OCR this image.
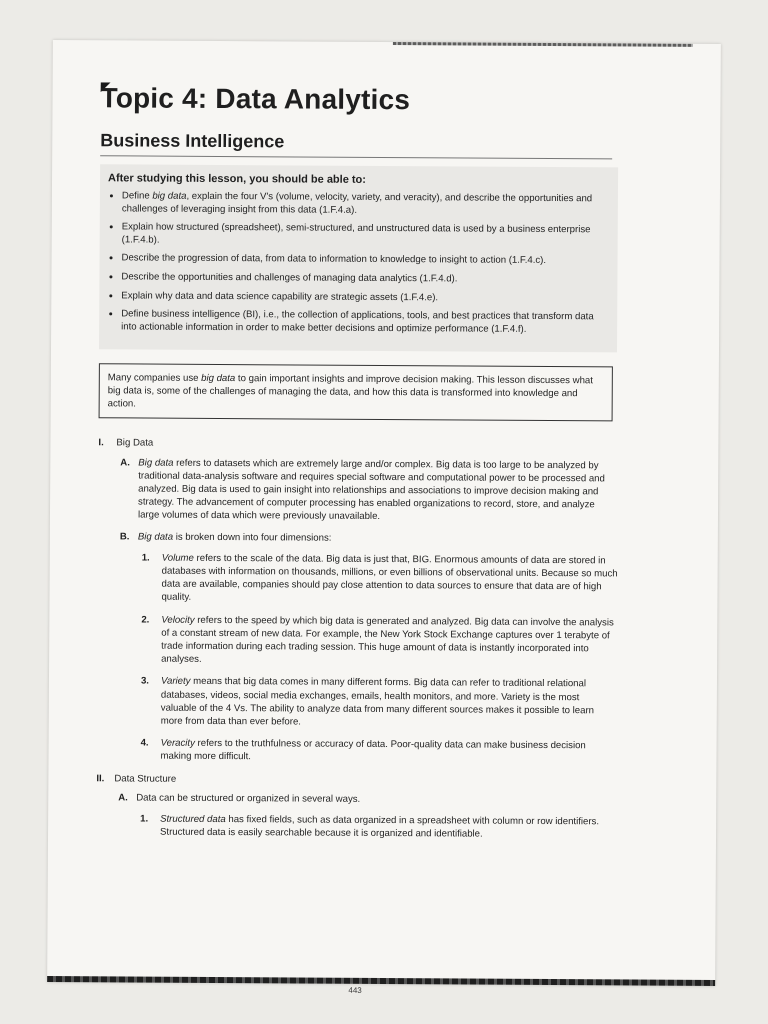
Topic 4: Data Analytics
Business Intelligence
After studying this lesson, you should be able to:
• Define big data, explain the four V's (volume, velocity, variety, and veracity), and describe the opportunities and challenges of leveraging insight from this data (1.F.4.a).
• Explain how structured (spreadsheet), semi-structured, and unstructured data is used by a business enterprise (1.F.4.b).
• Describe the progression of data, from data to information to knowledge to insight to action (1.F.4.c).
• Describe the opportunities and challenges of managing data analytics (1.F.4.d).
• Explain why data and data science capability are strategic assets (1.F.4.e).
• Define business intelligence (BI), i.e., the collection of applications, tools, and best practices that transform data into actionable information in order to make better decisions and optimize performance (1.F.4.f).
Many companies use big data to gain important insights and improve decision making. This lesson discusses what big data is, some of the challenges of managing the data, and how this data is transformed into knowledge and action.
I.	Big Data
A. Big data refers to datasets which are extremely large and/or complex. Big data is too large to be analyzed by traditional data-analysis software and requires special software and computational power to be processed and analyzed. Big data is used to gain insight into relationships and associations to improve decision making and strategy. The advancement of computer processing has enabled organizations to record, store, and analyze large volumes of data which were previously unavailable.
B. Big data is broken down into four dimensions:
1.	Volume refers to the scale of the data. Big data is just that, BIG. Enormous amounts of data are stored in databases with information on thousands, millions, or even billions of observational units. Because so much data are available, companies should pay close attention to data sources to ensure that data are of high quality.
2.	Velocity refers to the speed by which big data is generated and analyzed. Big data can involve the analysis of a constant stream of new data. For example, the New York Stock Exchange captures over 1 terabyte of trade information during each trading session. This huge amount of data is instantly incorporated into analyses.
3.	Variety means that big data comes in many different forms. Big data can refer to traditional relational databases, videos, social media exchanges, emails, health monitors, and more. Variety is the most valuable of the 4 Vs. The ability to analyze data from many different sources makes it possible to learn more from data than ever before.
4.	Veracity refers to the truthfulness or accuracy of data. Poor-quality data can make business decision making more difficult.
II.	Data Structure
A. Data can be structured or organized in several ways.
1.	Structured data has fixed fields, such as data organized in a spreadsheet with column or row identifiers. Structured data is easily searchable because it is organized and identifiable.
443
